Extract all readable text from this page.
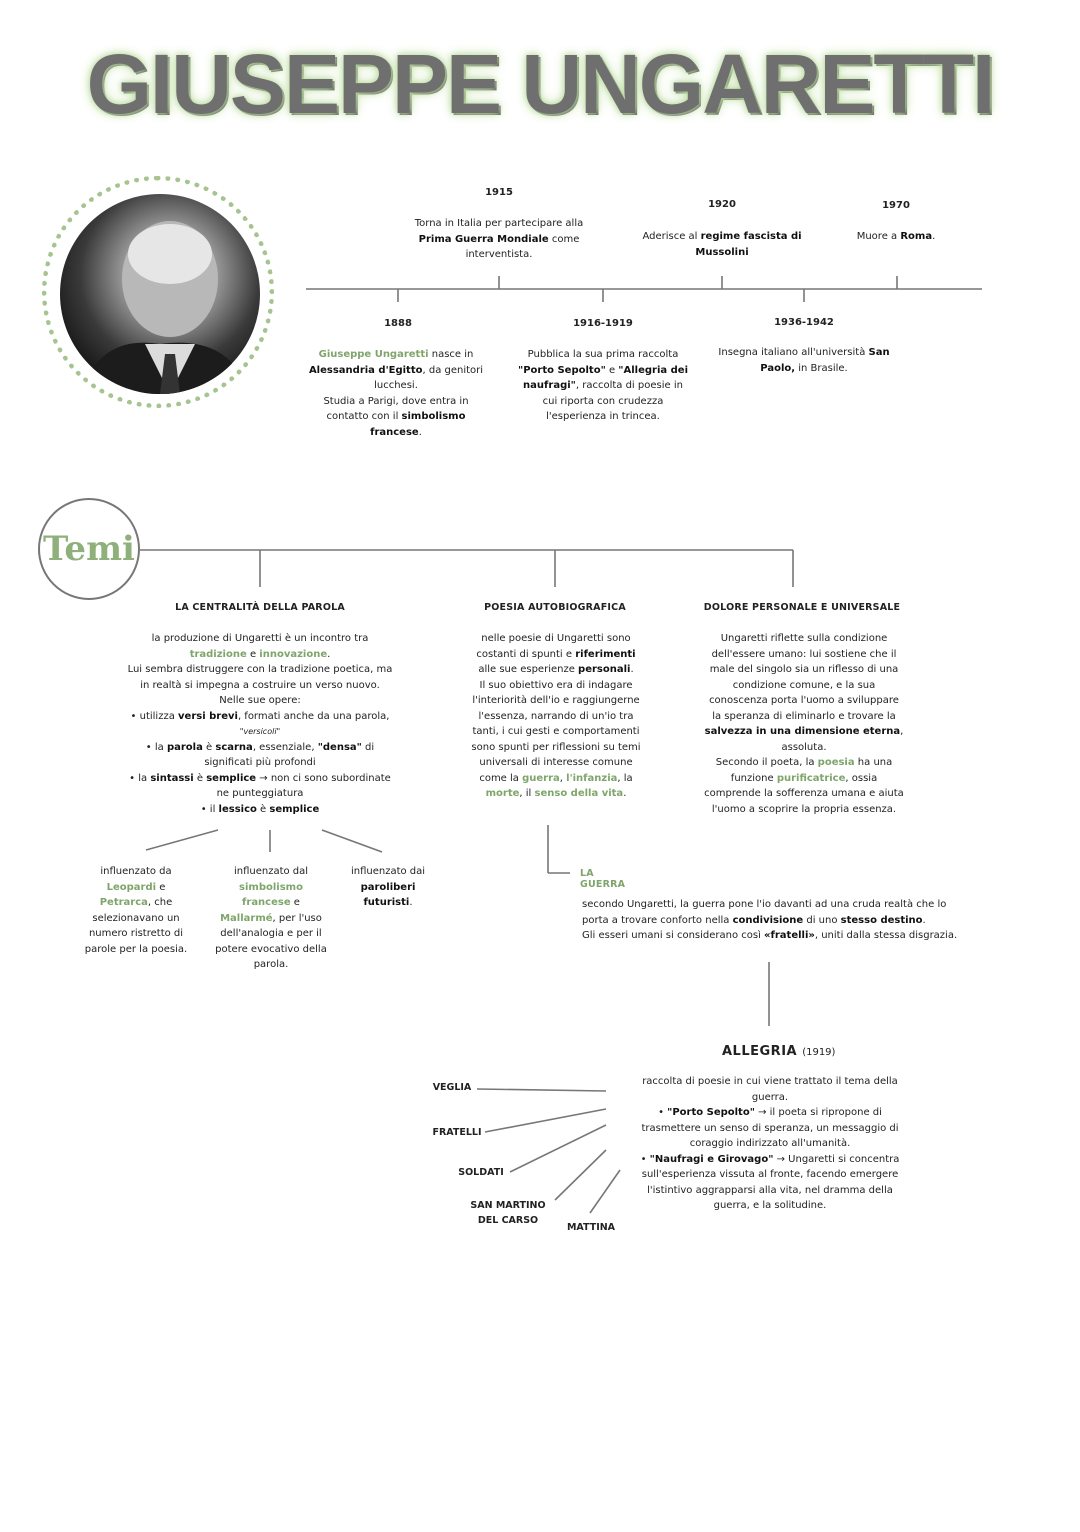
GIUSEPPE UNGARETTI
1888
Giuseppe Ungaretti nasce in Alessandria d'Egitto, da genitori lucchesi.
Studia a Parigi, dove entra in contatto con il simbolismo francese.
1915
Torna in Italia per partecipare alla Prima Guerra Mondiale come interventista.
1916-1919
Pubblica la sua prima raccolta "Porto Sepolto" e "Allegria dei naufragi", raccolta di poesie in cui riporta con crudezza l'esperienza in trincea.
1920
Aderisce al regime fascista di Mussolini
1936-1942
Insegna italiano all'università San Paolo, in Brasile.
1970
Muore a Roma.
Temi
LA CENTRALITÀ DELLA PAROLA
la produzione di Ungaretti è un incontro tra tradizione e innovazione.
Lui sembra distruggere con la tradizione poetica, ma in realtà si impegna a costruire un verso nuovo.
Nelle sue opere:
• utilizza versi brevi, formati anche da una parola, "versicoli"
• la parola è scarna, essenziale, "densa" di significati più profondi
• la sintassi è semplice → non ci sono subordinate ne punteggiatura
• il lessico è semplice
influenzato da Leopardi e Petrarca, che selezionavano un numero ristretto di parole per la poesia.
influenzato dal simbolismo francese e Mallarmé, per l'uso dell'analogia e per il potere evocativo della parola.
influenzato dai paroliberi futuristi.
POESIA AUTOBIOGRAFICA
nelle poesie di Ungaretti sono costanti di spunti e riferimenti alle sue esperienze personali.
Il suo obiettivo era di indagare l'interiorità dell'io e raggiungerne l'essenza, narrando di un'io tra tanti, i cui gesti e comportamenti sono spunti per riflessioni su temi universali di interesse comune come la guerra, l'infanzia, la morte, il senso della vita.
DOLORE PERSONALE E UNIVERSALE
Ungaretti riflette sulla condizione dell'essere umano: lui sostiene che il male del singolo sia un riflesso di una condizione comune, e la sua conoscenza porta l'uomo a sviluppare la speranza di eliminarlo e trovare la salvezza in una dimensione eterna, assoluta.
Secondo il poeta, la poesia ha una funzione purificatrice, ossia comprende la sofferenza umana e aiuta l'uomo a scoprire la propria essenza.
LA GUERRA
secondo Ungaretti, la guerra pone l'io davanti ad una cruda realtà che lo porta a trovare conforto nella condivisione di uno stesso destino.
Gli esseri umani si considerano così «fratelli», uniti dalla stessa disgrazia.
ALLEGRIA (1919)
raccolta di poesie in cui viene trattato il tema della guerra.
• "Porto Sepolto" → il poeta si ripropone di trasmettere un senso di speranza, un messaggio di coraggio indirizzato all'umanità.
• "Naufragi e Girovago" → Ungaretti si concentra sull'esperienza vissuta al fronte, facendo emergere l'istintivo aggrapparsi alla vita, nel dramma della guerra, e la solitudine.
VEGLIA
FRATELLI
SOLDATI
SAN MARTINO DEL CARSO
MATTINA
